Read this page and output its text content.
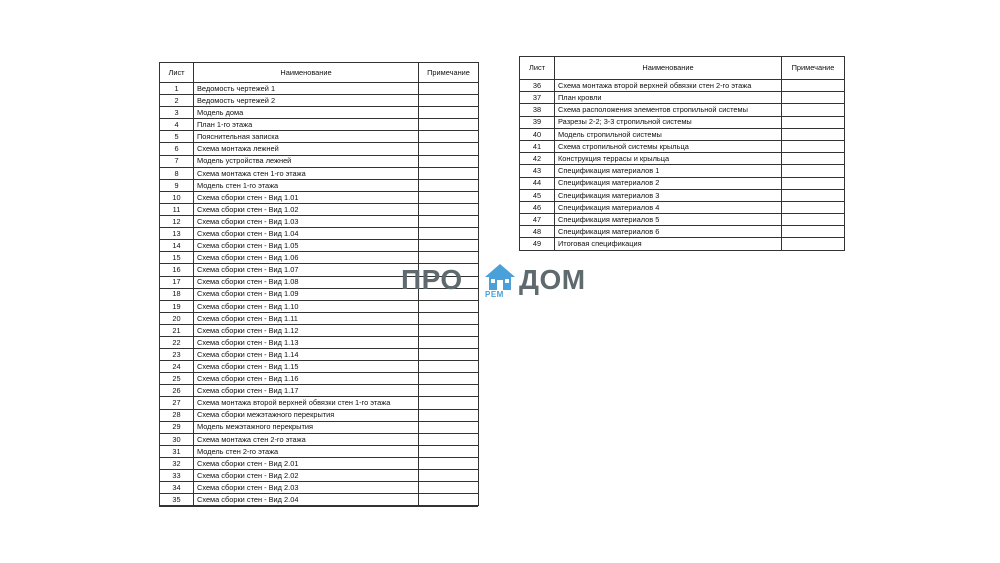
Лист	Наименование	Примечание
1	Ведомость чертежей 1	
2	Ведомость чертежей 2	
3	Модель дома	
4	План 1-го этажа	
5	Пояснительная записка	
6	Схема монтажа лежней	
7	Модель устройства лежней	
8	Схема монтажа стен 1-го этажа	
9	Модель стен 1-го этажа	
10	Схема сборки стен - Вид 1.01	
11	Схема сборки стен - Вид 1.02	
12	Схема сборки стен - Вид 1.03	
13	Схема сборки стен - Вид 1.04	
14	Схема сборки стен - Вид 1.05	
15	Схема сборки стен - Вид 1.06	
16	Схема сборки стен - Вид 1.07	
17	Схема сборки стен - Вид 1.08	
18	Схема сборки стен - Вид 1.09	
19	Схема сборки стен - Вид 1.10	
20	Схема сборки стен - Вид 1.11	
21	Схема сборки стен - Вид 1.12	
22	Схема сборки стен - Вид 1.13	
23	Схема сборки стен - Вид 1.14	
24	Схема сборки стен - Вид 1.15	
25	Схема сборки стен - Вид 1.16	
26	Схема сборки стен - Вид 1.17	
27	Схема монтажа второй верхней обвязки стен 1-го этажа	
28	Схема сборки межэтажного перекрытия	
29	Модель межэтажного перекрытия	
30	Схема монтажа стен 2-го этажа	
31	Модель стен 2-го этажа	
32	Схема сборки стен - Вид 2.01	
33	Схема сборки стен - Вид 2.02	
34	Схема сборки стен - Вид 2.03	
35	Схема сборки стен - Вид 2.04	
Лист	Наименование	Примечание
36	Схема монтажа второй верхней обвязки стен 2-го этажа	
37	План кровли	
38	Схема расположения элементов стропильной системы	
39	Разрезы 2-2; 3-3 стропильной системы	
40	Модель стропильной системы	
41	Схема стропильной системы крыльца	
42	Конструкция террасы и крыльца	
43	Спецификация материалов 1	
44	Спецификация материалов 2	
45	Спецификация материалов 3	
46	Спецификация материалов 4	
47	Спецификация материалов 5	
48	Спецификация материалов 6	
49	Итоговая спецификация	
ПРО	РЕМ ДОМ
